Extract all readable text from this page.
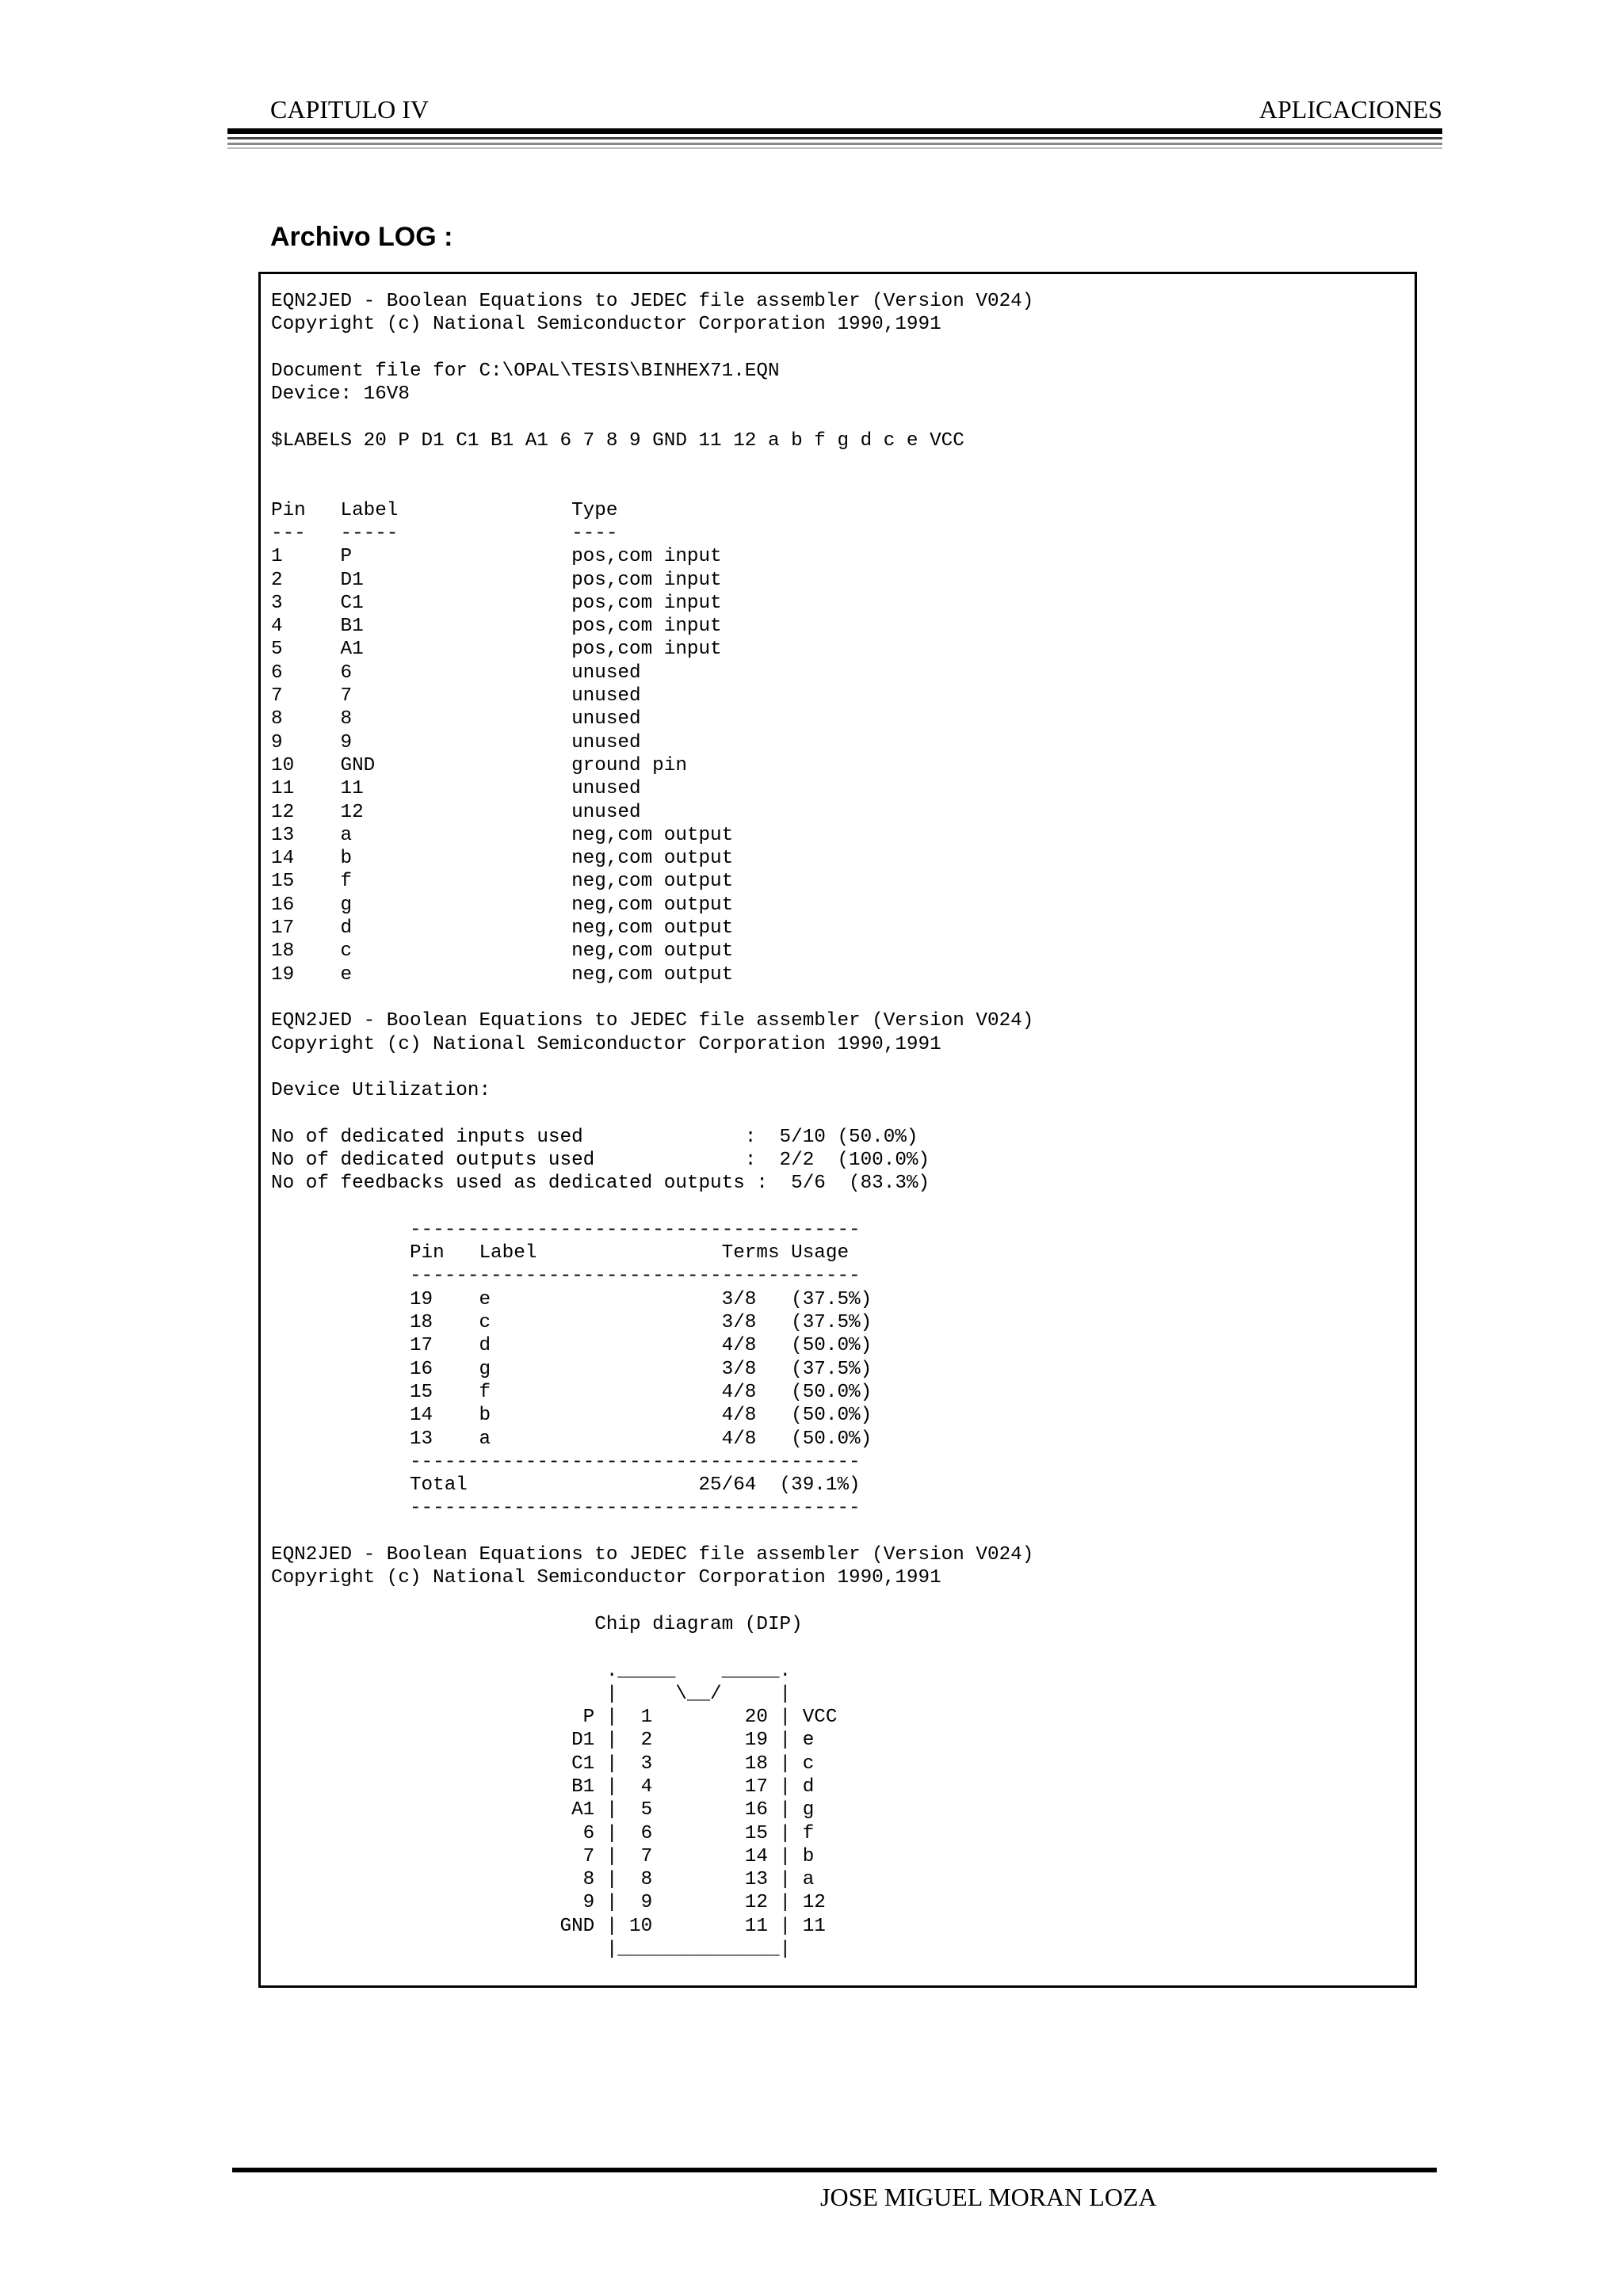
CAPITULO IV	APLICACIONES
Archivo LOG :
EQN2JED - Boolean Equations to JEDEC file assembler (Version V024)
Copyright (c) National Semiconductor Corporation 1990,1991

Document file for C:\OPAL\TESIS\BINHEX71.EQN
Device: 16V8

$LABELS 20 P D1 C1 B1 A1 6 7 8 9 GND 11 12 a b f g d c e VCC

Pin   Label               Type
---   -----               ----
1     P                   pos,com input
2     D1                  pos,com input
3     C1                  pos,com input
4     B1                  pos,com input
5     A1                  pos,com input
6     6                   unused
7     7                   unused
8     8                   unused
9     9                   unused
10    GND                 ground pin
11    11                  unused
12    12                  unused
13    a                   neg,com output
14    b                   neg,com output
15    f                   neg,com output
16    g                   neg,com output
17    d                   neg,com output
18    c                   neg,com output
19    e                   neg,com output

EQN2JED - Boolean Equations to JEDEC file assembler (Version V024)
Copyright (c) National Semiconductor Corporation 1990,1991

Device Utilization:

No of dedicated inputs used              :  5/10 (50.0%)
No of dedicated outputs used             :  2/2  (100.0%)
No of feedbacks used as dedicated outputs :  5/6  (83.3%)

---------------------------------------
Pin   Label                Terms Usage
---------------------------------------
19    e                    3/8   (37.5%)
18    c                    3/8   (37.5%)
17    d                    4/8   (50.0%)
16    g                    3/8   (37.5%)
15    f                    4/8   (50.0%)
14    b                    4/8   (50.0%)
13    a                    4/8   (50.0%)
---------------------------------------
Total                    25/64  (39.1%)
---------------------------------------

EQN2JED - Boolean Equations to JEDEC file assembler (Version V024)
Copyright (c) National Semiconductor Corporation 1990,1991

Chip diagram (DIP)

._____    _____.
|     \__/     |
P |  1        20 | VCC
D1 |  2        19 | e
C1 |  3        18 | c
B1 |  4        17 | d
A1 |  5        16 | g
6 |  6        15 | f
7 |  7        14 | b
8 |  8        13 | a
9 |  9        12 | 12
GND | 10        11 | 11
|______________|

JOSE MIGUEL MORAN LOZA
